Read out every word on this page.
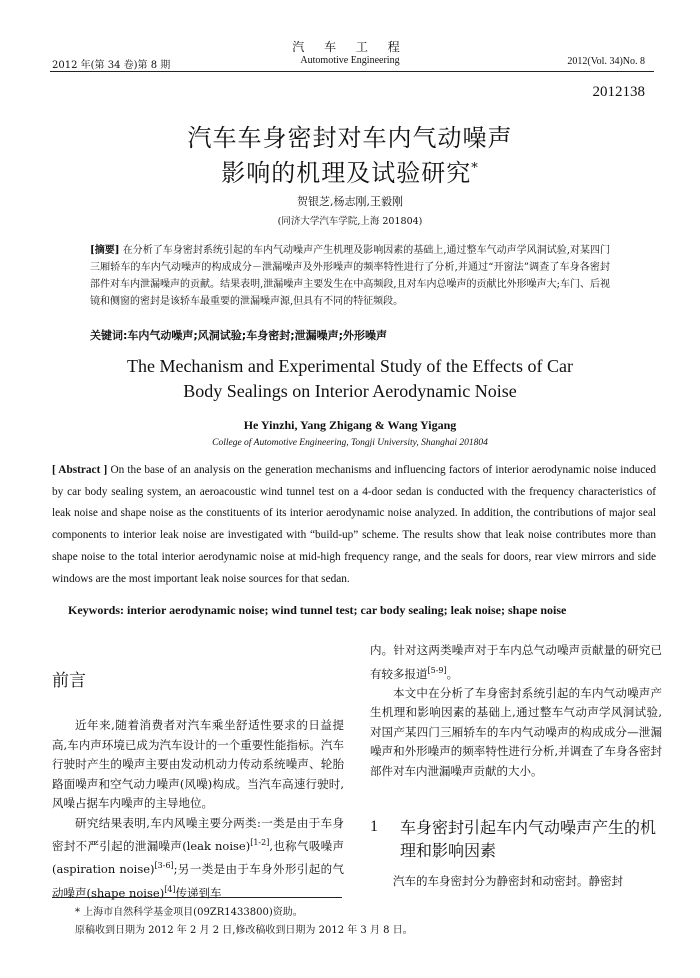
汽 车 工 程
Automotive Engineering
2012 年(第 34 卷)第 8 期	2012(Vol. 34)No. 8
2012138
汽车车身密封对车内气动噪声
影响的机理及试验研究*
贺银芝,杨志刚,王毅刚
(同济大学汽车学院,上海 201804)
[摘要] 在分析了车身密封系统引起的车内气动噪声产生机理及影响因素的基础上,通过整车气动声学风洞试验,对某四门三厢轿车的车内气动噪声的构成成分－泄漏噪声及外形噪声的频率特性进行了分析,并通过“开窗法”调查了车身各密封部件对车内泄漏噪声的贡献。结果表明,泄漏噪声主要发生在中高频段,且对车内总噪声的贡献比外形噪声大;车门、后视镜和侧窗的密封是该轿车最重要的泄漏噪声源,但具有不同的特征频段。
关键词:车内气动噪声;风洞试验;车身密封;泄漏噪声;外形噪声
The Mechanism and Experimental Study of the Effects of Car
Body Sealings on Interior Aerodynamic Noise
He Yinzhi, Yang Zhigang & Wang Yigang
College of Automotive Engineering, Tongji University, Shanghai 201804
[ Abstract ] On the base of an analysis on the generation mechanisms and influencing factors of interior aerodynamic noise induced by car body sealing system, an aeroacoustic wind tunnel test on a 4-door sedan is conducted with the frequency characteristics of leak noise and shape noise as the constituents of its interior aerodynamic noise analyzed. In addition, the contributions of major seal components to interior leak noise are investigated with “build-up” scheme. The results show that leak noise contributes more than shape noise to the total interior aerodynamic noise at mid-high frequency range, and the seals for doors, rear view mirrors and side windows are the most important leak noise sources for that sedan.
Keywords: interior aerodynamic noise; wind tunnel test; car body sealing; leak noise; shape noise
前言

近年来,随着消费者对汽车乘坐舒适性要求的日益提高,车内声环境已成为汽车设计的一个重要性能指标。汽车行驶时产生的噪声主要由发动机动力传动系统噪声、轮胎路面噪声和空气动力噪声(风噪)构成。当汽车高速行驶时,风噪占据车内噪声的主导地位。

研究结果表明,车内风噪主要分两类:一类是由于车身密封不严引起的泄漏噪声(leak noise)[1-2],也称气吸噪声(aspiration noise)[3-6];另一类是由于车身外形引起的气动噪声(shape noise)[4]传递到车

内。针对这两类噪声对于车内总气动噪声贡献量的研究已有较多报道[5-9]。

本文中在分析了车身密封系统引起的车内气动噪声产生机理和影响因素的基础上,通过整车气动声学风洞试验,对国产某四门三厢轿车的车内气动噪声的构成成分—泄漏噪声和外形噪声的频率特性进行分析,并调查了车身各密封部件对车内泄漏噪声贡献的大小。

1 车身密封引起车内气动噪声产生的机理和影响因素

汽车的车身密封分为静密封和动密封。静密封

* 上海市自然科学基金项目(09ZR1433800)资助。
原稿收到日期为 2012 年 2 月 2 日,修改稿收到日期为 2012 年 3 月 8 日。
